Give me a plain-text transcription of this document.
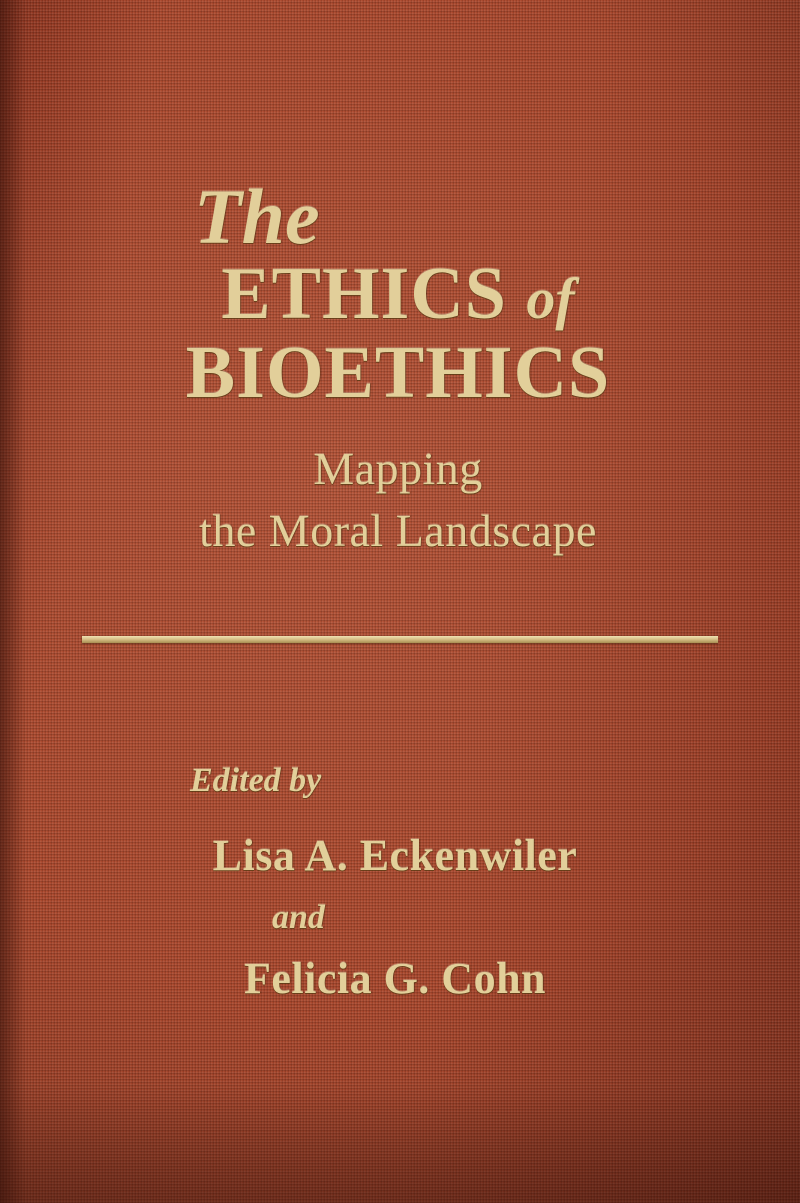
The
ETHICS of
BIOETHICS
Mapping
the Moral Landscape
Edited by
Lisa A. Eckenwiler
and
Felicia G. Cohn
